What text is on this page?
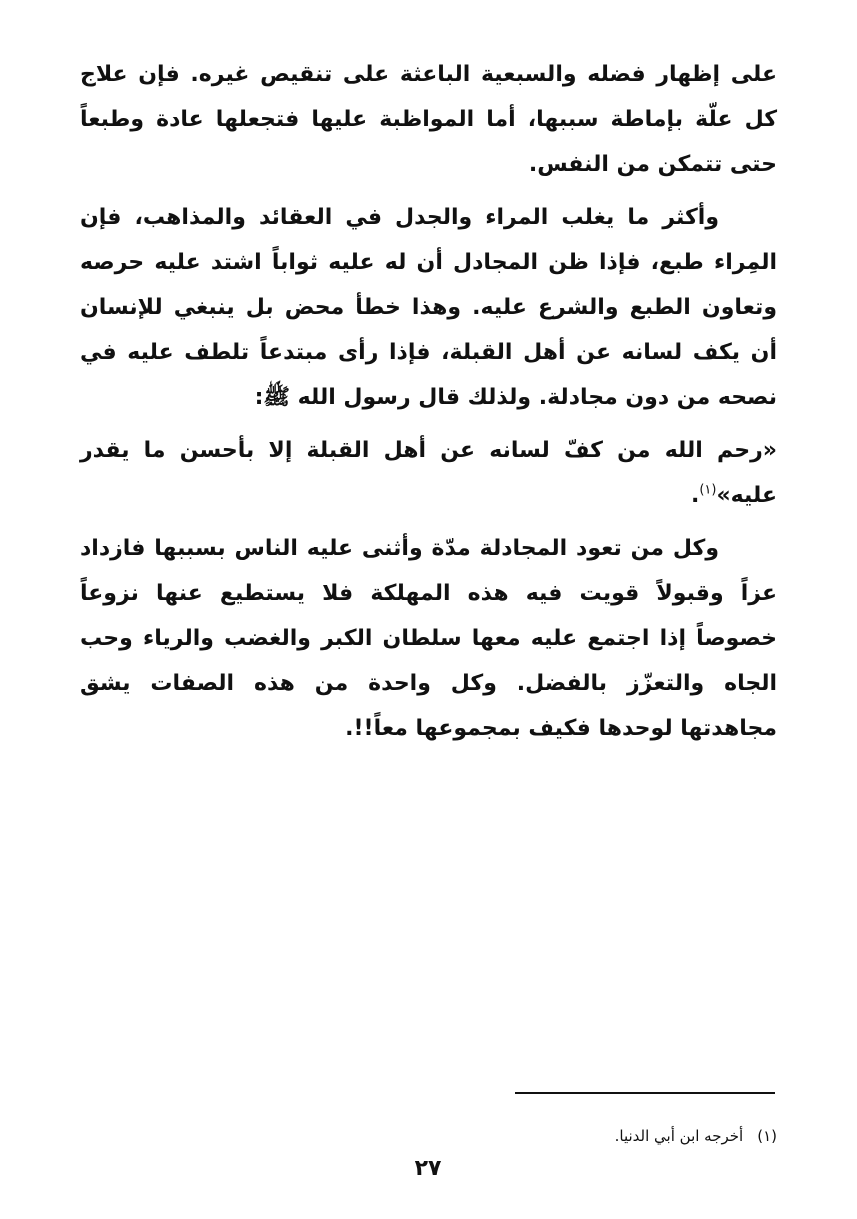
على إظهار فضله والسبعية الباعثة على تنقيص غيره. فإن علاج كل علّة بإماطة سببها، أما المواظبة عليها فتجعلها عادة وطبعاً حتى تتمكن من النفس.

وأكثر ما يغلب المراء والجدل في العقائد والمذاهب، فإن المِراء طبع، فإذا ظن المجادل أن له عليه ثواباً اشتد عليه حرصه وتعاون الطبع والشرع عليه. وهذا خطأ محض بل ينبغي للإنسان أن يكف لسانه عن أهل القبلة، فإذا رأى مبتدعاً تلطف عليه في نصحه من دون مجادلة. ولذلك قال رسول الله ﷺ:

«رحم الله من كفّ لسانه عن أهل القبلة إلا بأحسن ما يقدر عليه»$^{(١)}$.

وكل من تعود المجادلة مدّة وأثنى عليه الناس بسببها فازداد عزاً وقبولاً قويت فيه هذه المهلكة فلا يستطيع عنها نزوعاً خصوصاً إذا اجتمع عليه معها سلطان الكبر والغضب والرياء وحب الجاه والتعزّز بالفضل. وكل واحدة من هذه الصفات يشق مجاهدتها لوحدها فكيف بمجموعها معاً!!.

(١)أخرجه ابن أبي الدنيا.
٢٧
